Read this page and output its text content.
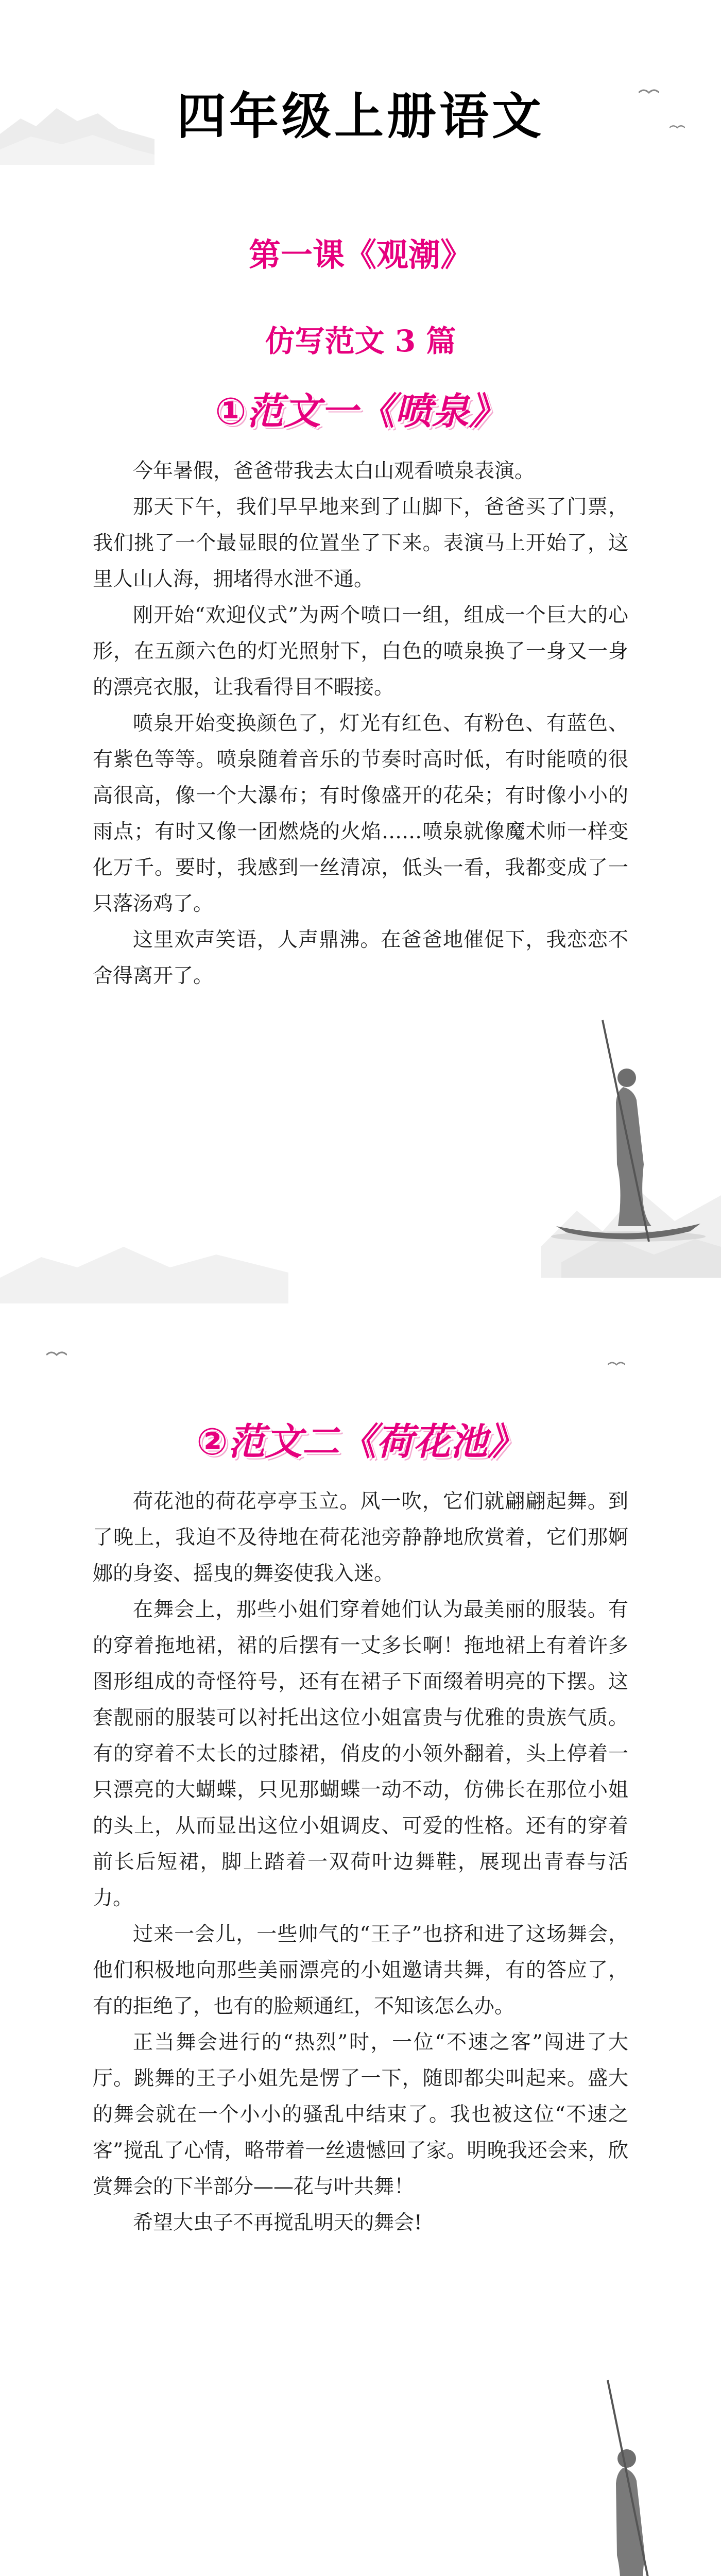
四年级上册语文
第一课《观潮》
仿写范文 3 篇
①范文一《喷泉》

今年暑假，爸爸带我去太白山观看喷泉表演。

那天下午，我们早早地来到了山脚下，爸爸买了门票，我们挑了一个最显眼的位置坐了下来。表演马上开始了，这里人山人海，拥堵得水泄不通。

刚开始“欢迎仪式”为两个喷口一组，组成一个巨大的心形，在五颜六色的灯光照射下，白色的喷泉换了一身又一身的漂亮衣服，让我看得目不暇接。

喷泉开始变换颜色了，灯光有红色、有粉色、有蓝色、有紫色等等。喷泉随着音乐的节奏时高时低，有时能喷的很高很高，像一个大瀑布；有时像盛开的花朵；有时像小小的雨点；有时又像一团燃烧的火焰……喷泉就像魔术师一样变化万千。要时，我感到一丝清凉，低头一看，我都变成了一只落汤鸡了。

这里欢声笑语，人声鼎沸。在爸爸地催促下，我恋恋不舍得离开了。

②范文二《荷花池》

荷花池的荷花亭亭玉立。风一吹，它们就翩翩起舞。到了晚上，我迫不及待地在荷花池旁静静地欣赏着，它们那婀娜的身姿、摇曳的舞姿使我入迷。

在舞会上，那些小姐们穿着她们认为最美丽的服装。有的穿着拖地裙，裙的后摆有一丈多长啊！拖地裙上有着许多图形组成的奇怪符号，还有在裙子下面缀着明亮的下摆。这套靓丽的服装可以衬托出这位小姐富贵与优雅的贵族气质。有的穿着不太长的过膝裙，俏皮的小领外翻着，头上停着一只漂亮的大蝴蝶，只见那蝴蝶一动不动，仿佛长在那位小姐的头上，从而显出这位小姐调皮、可爱的性格。还有的穿着前长后短裙，脚上踏着一双荷叶边舞鞋，展现出青春与活力。

过来一会儿，一些帅气的“王子”也挤和进了这场舞会，他们积极地向那些美丽漂亮的小姐邀请共舞，有的答应了，有的拒绝了，也有的脸颊通红，不知该怎么办。

正当舞会进行的“热烈”时，一位“不速之客”闯进了大厅。跳舞的王子小姐先是愣了一下，随即都尖叫起来。盛大的舞会就在一个小小的骚乱中结束了。我也被这位“不速之客”搅乱了心情，略带着一丝遗憾回了家。明晚我还会来，欣赏舞会的下半部分——花与叶共舞！

希望大虫子不再搅乱明天的舞会!
